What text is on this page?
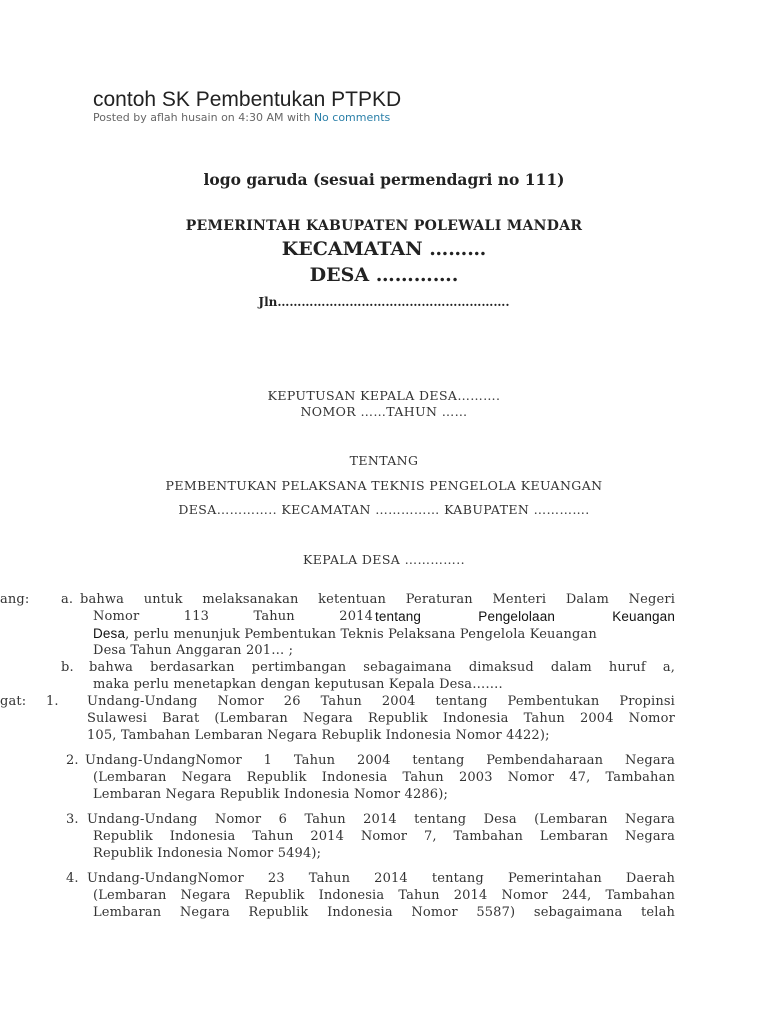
contoh SK Pembentukan PTPKD
Posted by aflah husain on 4:30 AM with No comments
logo garuda (sesuai permendagri no 111)
PEMERINTAH KABUPATEN POLEWALI MANDAR
KECAMATAN ………
DESA ………….
Jln………………………………………………….
KEPUTUSAN KEPALA DESA……….
NOMOR ……TAHUN ……
TENTANG
PEMBENTUKAN PELAKSANA TEKNIS PENGELOLA KEUANGAN
DESA………….. KECAMATAN …………… KABUPATEN ………….
KEPALA DESA …………..
ang: a. bahwa untuk melaksanakan ketentuan Peraturan Menteri Dalam Negeri
Nomor 113 Tahun 2014 tentang Pengelolaan Keuangan
Desa, perlu menunjuk Pembentukan Teknis Pelaksana Pengelola Keuangan
Desa Tahun Anggaran 201… ;
b. bahwa berdasarkan pertimbangan sebagaimana dimaksud dalam huruf a,
maka perlu menetapkan dengan keputusan Kepala Desa…….
gat: 1. Undang-Undang Nomor 26 Tahun 2004 tentang Pembentukan Propinsi
Sulawesi Barat (Lembaran Negara Republik Indonesia Tahun 2004 Nomor
105, Tambahan Lembaran Negara Rebuplik Indonesia Nomor 4422);
2. Undang-UndangNomor 1 Tahun 2004 tentang Pembendaharaan Negara
(Lembaran Negara Republik Indonesia Tahun 2003 Nomor 47, Tambahan
Lembaran Negara Republik Indonesia Nomor 4286);
3. Undang-Undang Nomor 6 Tahun 2014 tentang Desa (Lembaran Negara
Republik Indonesia Tahun 2014 Nomor 7, Tambahan Lembaran Negara
Republik Indonesia Nomor 5494);
4. Undang-UndangNomor 23 Tahun 2014 tentang Pemerintahan Daerah
(Lembaran Negara Republik Indonesia Tahun 2014 Nomor 244, Tambahan
Lembaran Negara Republik Indonesia Nomor 5587) sebagaimana telah
